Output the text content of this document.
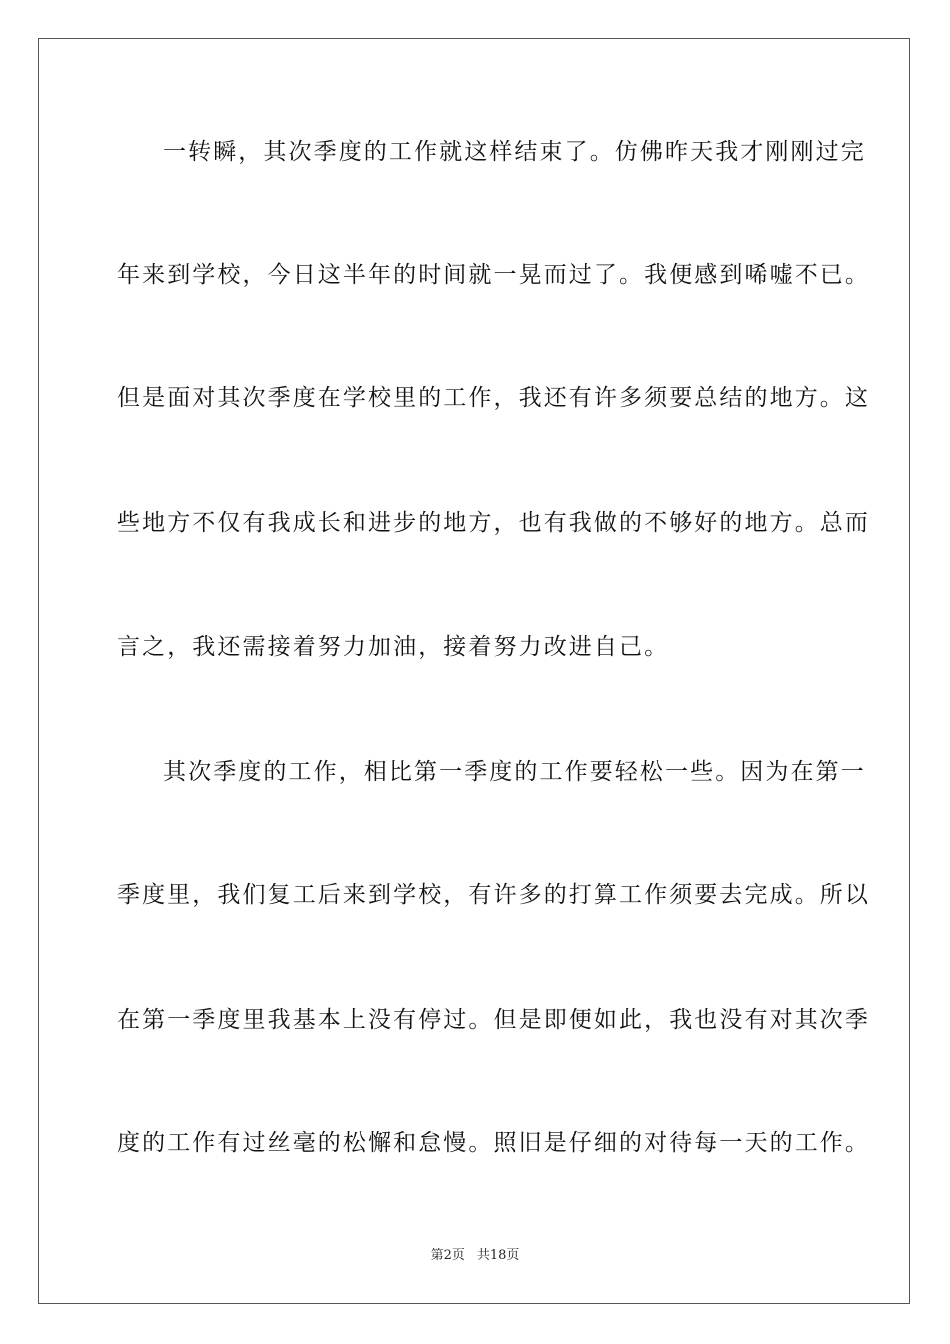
一转瞬，其次季度的工作就这样结束了。仿佛昨天我才刚刚过完
年来到学校，今日这半年的时间就一晃而过了。我便感到唏嘘不已。
但是面对其次季度在学校里的工作，我还有许多须要总结的地方。这
些地方不仅有我成长和进步的地方，也有我做的不够好的地方。总而
言之，我还需接着努力加油，接着努力改进自己。
其次季度的工作，相比第一季度的工作要轻松一些。因为在第一
季度里，我们复工后来到学校，有许多的打算工作须要去完成。所以
在第一季度里我基本上没有停过。但是即便如此，我也没有对其次季
度的工作有过丝毫的松懈和怠慢。照旧是仔细的对待每一天的工作。
第2页 共18页
